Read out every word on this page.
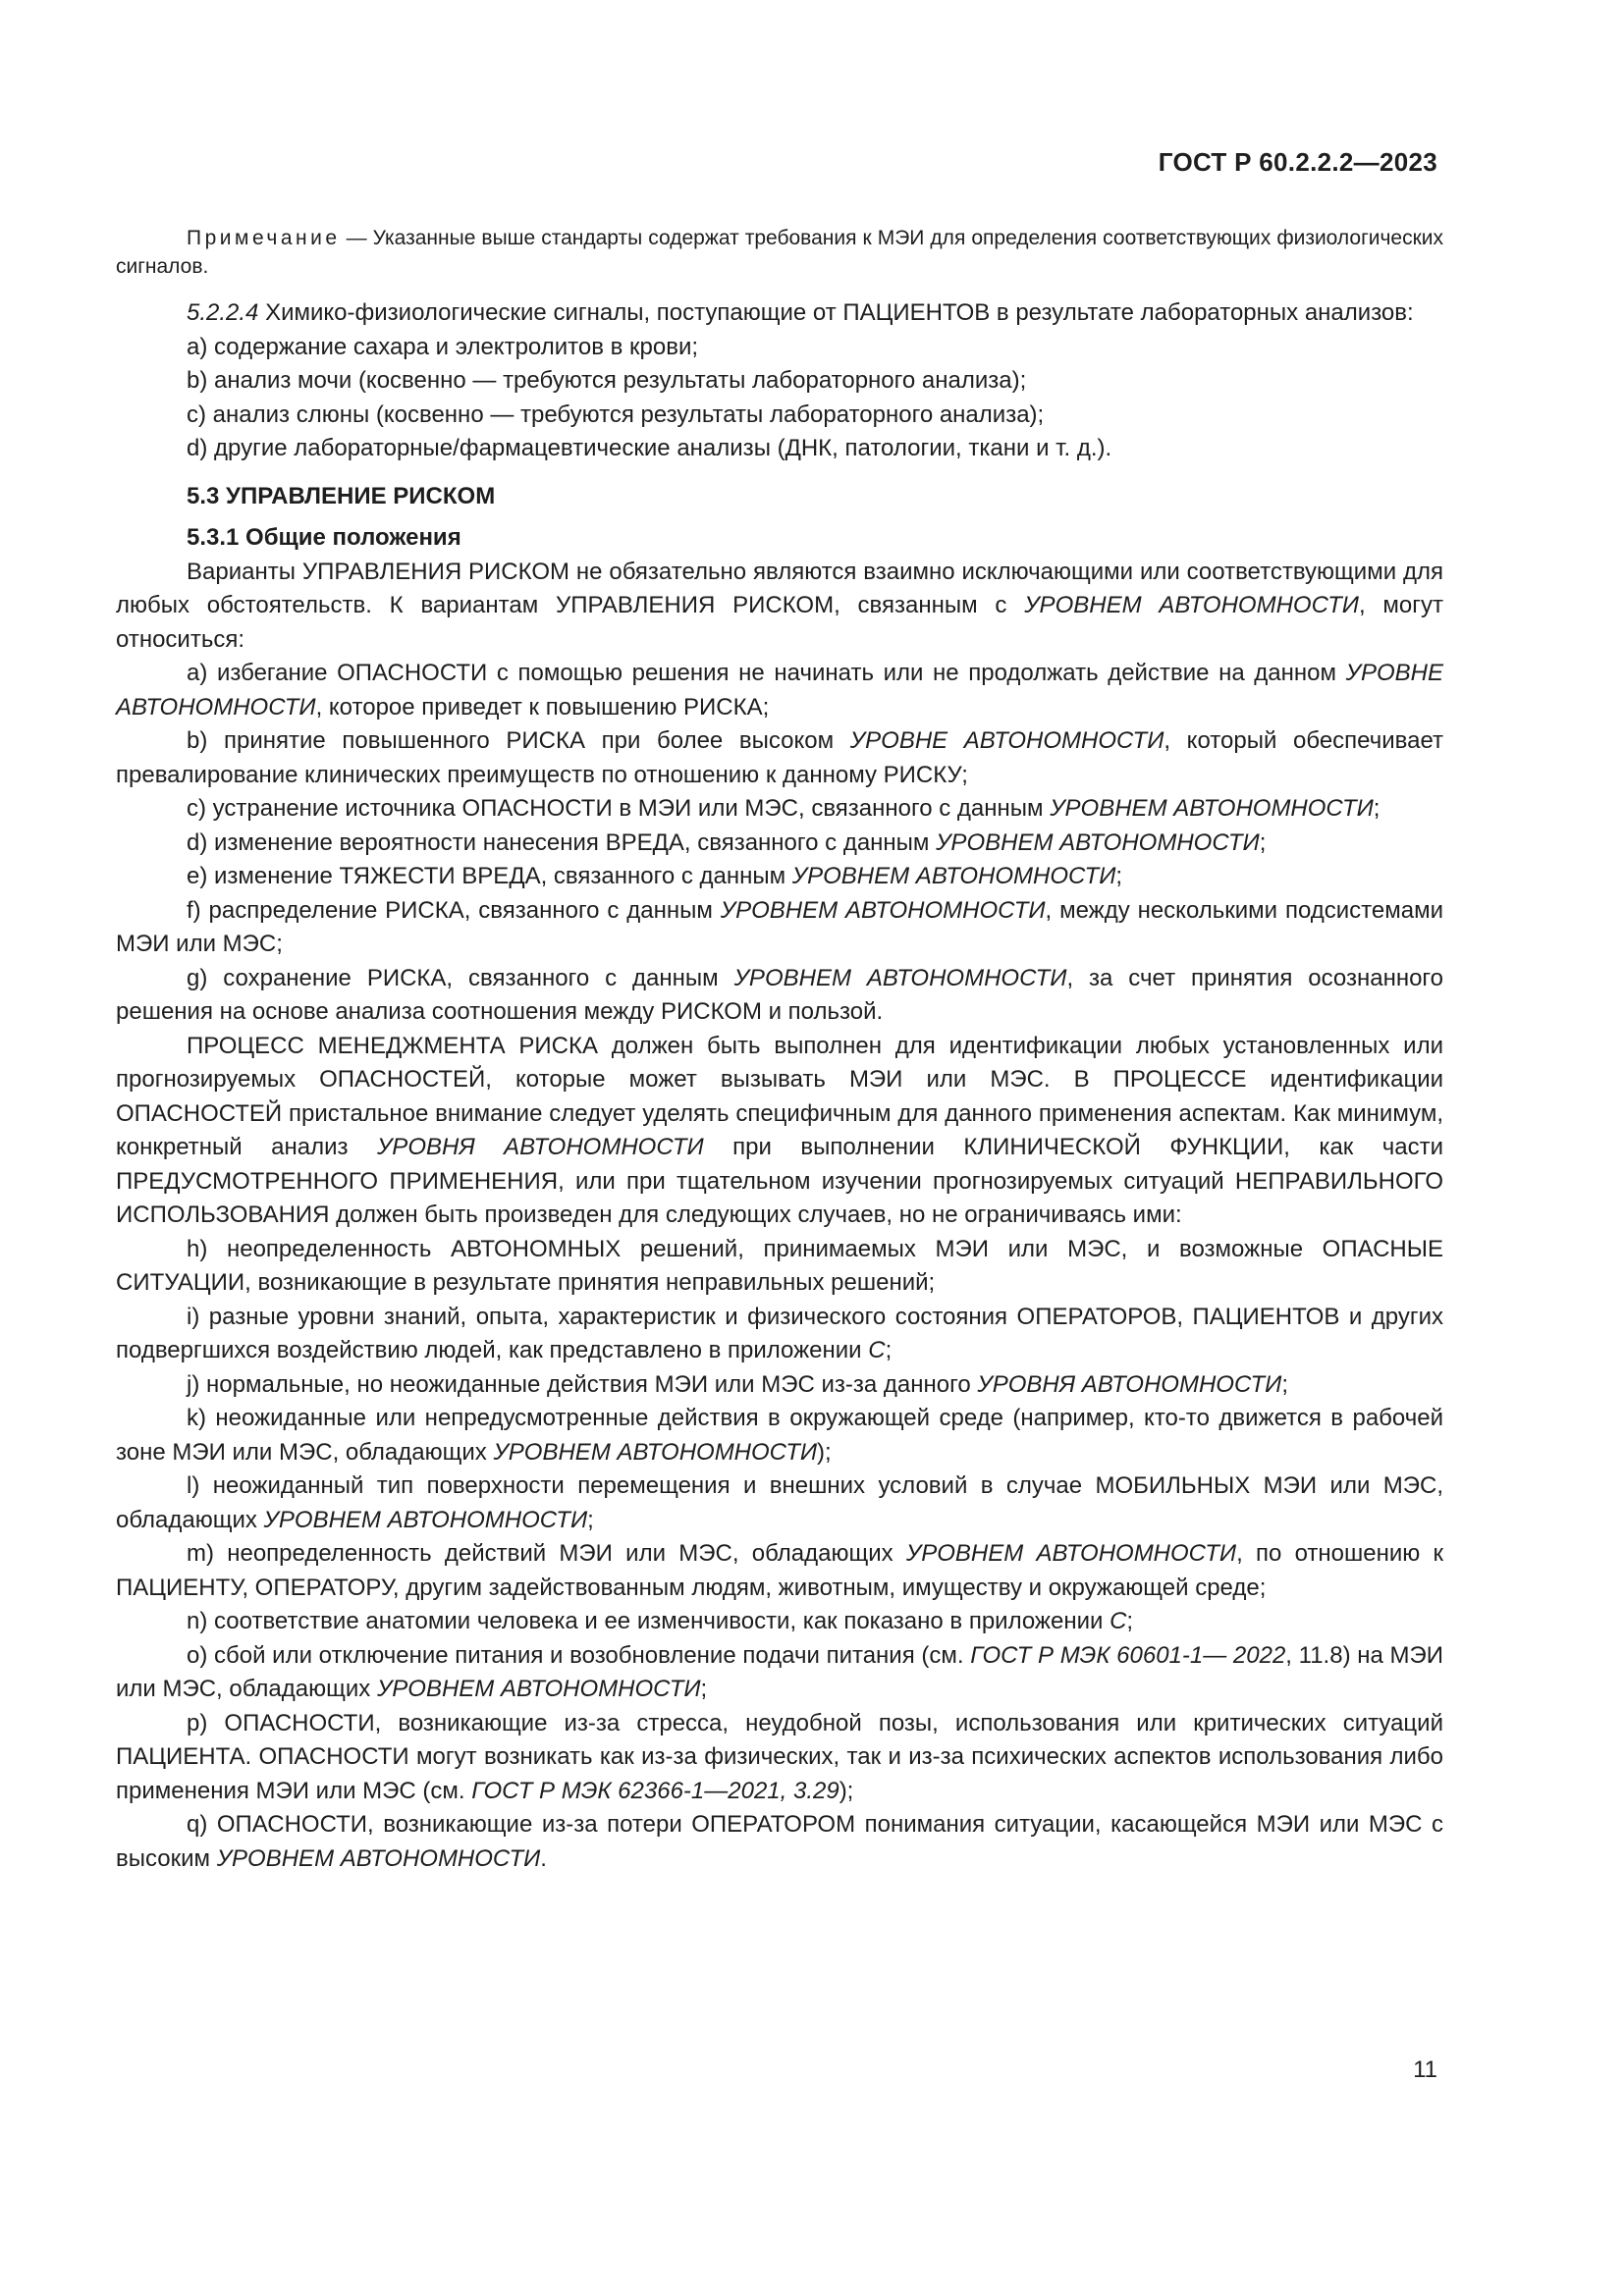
ГОСТ Р 60.2.2.2—2023

Примечание — Указанные выше стандарты содержат требования к МЭИ для определения соответствующих физиологических сигналов.

5.2.2.4 Химико-физиологические сигналы, поступающие от ПАЦИЕНТОВ в результате лабораторных анализов:

a) содержание сахара и электролитов в крови;

b) анализ мочи (косвенно — требуются результаты лабораторного анализа);

c) анализ слюны (косвенно — требуются результаты лабораторного анализа);

d) другие лабораторные/фармацевтические анализы (ДНК, патологии, ткани и т. д.).

5.3 УПРАВЛЕНИЕ РИСКОМ

5.3.1 Общие положения

Варианты УПРАВЛЕНИЯ РИСКОМ не обязательно являются взаимно исключающими или соответствующими для любых обстоятельств. К вариантам УПРАВЛЕНИЯ РИСКОМ, связанным с УРОВНЕМ АВТОНОМНОСТИ, могут относиться:

a) избегание ОПАСНОСТИ с помощью решения не начинать или не продолжать действие на данном УРОВНЕ АВТОНОМНОСТИ, которое приведет к повышению РИСКА;

b) принятие повышенного РИСКА при более высоком УРОВНЕ АВТОНОМНОСТИ, который обеспечивает превалирование клинических преимуществ по отношению к данному РИСКУ;

c) устранение источника ОПАСНОСТИ в МЭИ или МЭС, связанного с данным УРОВНЕМ АВТОНОМНОСТИ;

d) изменение вероятности нанесения ВРЕДА, связанного с данным УРОВНЕМ АВТОНОМНОСТИ;

e) изменение ТЯЖЕСТИ ВРЕДА, связанного с данным УРОВНЕМ АВТОНОМНОСТИ;

f) распределение РИСКА, связанного с данным УРОВНЕМ АВТОНОМНОСТИ, между несколькими подсистемами МЭИ или МЭС;

g) сохранение РИСКА, связанного с данным УРОВНЕМ АВТОНОМНОСТИ, за счет принятия осознанного решения на основе анализа соотношения между РИСКОМ и пользой.

ПРОЦЕСС МЕНЕДЖМЕНТА РИСКА должен быть выполнен для идентификации любых установленных или прогнозируемых ОПАСНОСТЕЙ, которые может вызывать МЭИ или МЭС. В ПРОЦЕССЕ идентификации ОПАСНОСТЕЙ пристальное внимание следует уделять специфичным для данного применения аспектам. Как минимум, конкретный анализ УРОВНЯ АВТОНОМНОСТИ при выполнении КЛИНИЧЕСКОЙ ФУНКЦИИ, как части ПРЕДУСМОТРЕННОГО ПРИМЕНЕНИЯ, или при тщательном изучении прогнозируемых ситуаций НЕПРАВИЛЬНОГО ИСПОЛЬЗОВАНИЯ должен быть произведен для следующих случаев, но не ограничиваясь ими:

h) неопределенность АВТОНОМНЫХ решений, принимаемых МЭИ или МЭС, и возможные ОПАСНЫЕ СИТУАЦИИ, возникающие в результате принятия неправильных решений;

i) разные уровни знаний, опыта, характеристик и физического состояния ОПЕРАТОРОВ, ПАЦИЕНТОВ и других подвергшихся воздействию людей, как представлено в приложении С;

j) нормальные, но неожиданные действия МЭИ или МЭС из-за данного УРОВНЯ АВТОНОМНОСТИ;

k) неожиданные или непредусмотренные действия в окружающей среде (например, кто-то движется в рабочей зоне МЭИ или МЭС, обладающих УРОВНЕМ АВТОНОМНОСТИ);

l) неожиданный тип поверхности перемещения и внешних условий в случае МОБИЛЬНЫХ МЭИ или МЭС, обладающих УРОВНЕМ АВТОНОМНОСТИ;

m) неопределенность действий МЭИ или МЭС, обладающих УРОВНЕМ АВТОНОМНОСТИ, по отношению к ПАЦИЕНТУ, ОПЕРАТОРУ, другим задействованным людям, животным, имуществу и окружающей среде;

n) соответствие анатомии человека и ее изменчивости, как показано в приложении С;

o) сбой или отключение питания и возобновление подачи питания (см. ГОСТ Р МЭК 60601-1— 2022, 11.8) на МЭИ или МЭС, обладающих УРОВНЕМ АВТОНОМНОСТИ;

p) ОПАСНОСТИ, возникающие из-за стресса, неудобной позы, использования или критических ситуаций ПАЦИЕНТА. ОПАСНОСТИ могут возникать как из-за физических, так и из-за психических аспектов использования либо применения МЭИ или МЭС (см. ГОСТ Р МЭК 62366-1—2021, 3.29);

q) ОПАСНОСТИ, возникающие из-за потери ОПЕРАТОРОМ понимания ситуации, касающейся МЭИ или МЭС с высоким УРОВНЕМ АВТОНОМНОСТИ.

11
